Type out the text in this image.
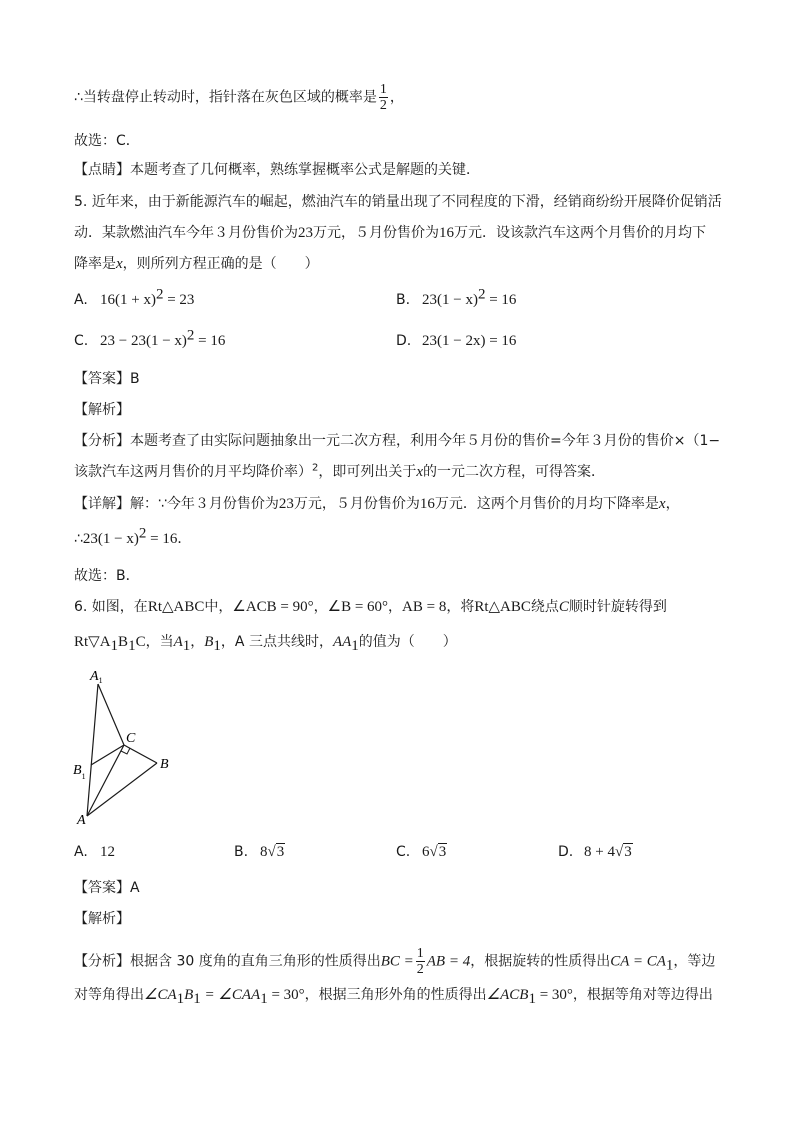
∴当转盘停止转动时，指针落在灰色区域的概率是 $\frac{1}{2}$ ，
故选：C．
【点睛】本题考查了几何概率，熟练掌握概率公式是解题的关键．
5. 近年来，由于新能源汽车的崛起，燃油汽车的销量出现了不同程度的下滑，经销商纷纷开展降价促销活
动．某款燃油汽车今年３月份售价为23万元，５月份售价为16万元．设该款汽车这两个月售价的月均下
降率是x，则所列方程正确的是（　　）
A. $16(1 + x)^2 = 23$	B. $23(1 - x)^2 = 16$
C. $23 - 23(1 - x)^2 = 16$	D. 23(1 − 2x) = 16
【答案】B
【解析】
【分析】本题考查了由实际问题抽象出一元二次方程，利用今年５月份的售价=今年３月份的售价×（1−
该款汽车这两月售价的月平均降价率）$^2$，即可列出关于x的一元二次方程，可得答案．
【详解】解：∵今年３月份售价为23万元，５月份售价为16万元．这两个月售价的月均下降率是x，
∴23(1 − x)$^2$ = 16．
故选：B．
6. 如图，在Rt△ABC中，∠ACB = 90°，∠B = 60°，AB = 8，将Rt△ABC绕点C顺时针旋转得到
$Rt▽A_1B_1C$，当$A_1$，$B_1$，A 三点共线时，$AA_1$的值为（　　）
$A_1$
$B_1$
C
B
A
A. 12	B. 8√3	C. 6√3	D. 8 + 4√3
【答案】A
【解析】
【分析】根据含 30 度角的直角三角形的性质得出BC = $\frac{1}{2}$ AB = 4，根据旋转的性质得出CA = $CA_1$，等边
对等角得出$\angle CA_1B_1$ = $\angle CAA_1 = 30^\circ$，根据三角形外角的性质得出$\angle ACB_1 = 30^\circ$，根据等角对等边得出
